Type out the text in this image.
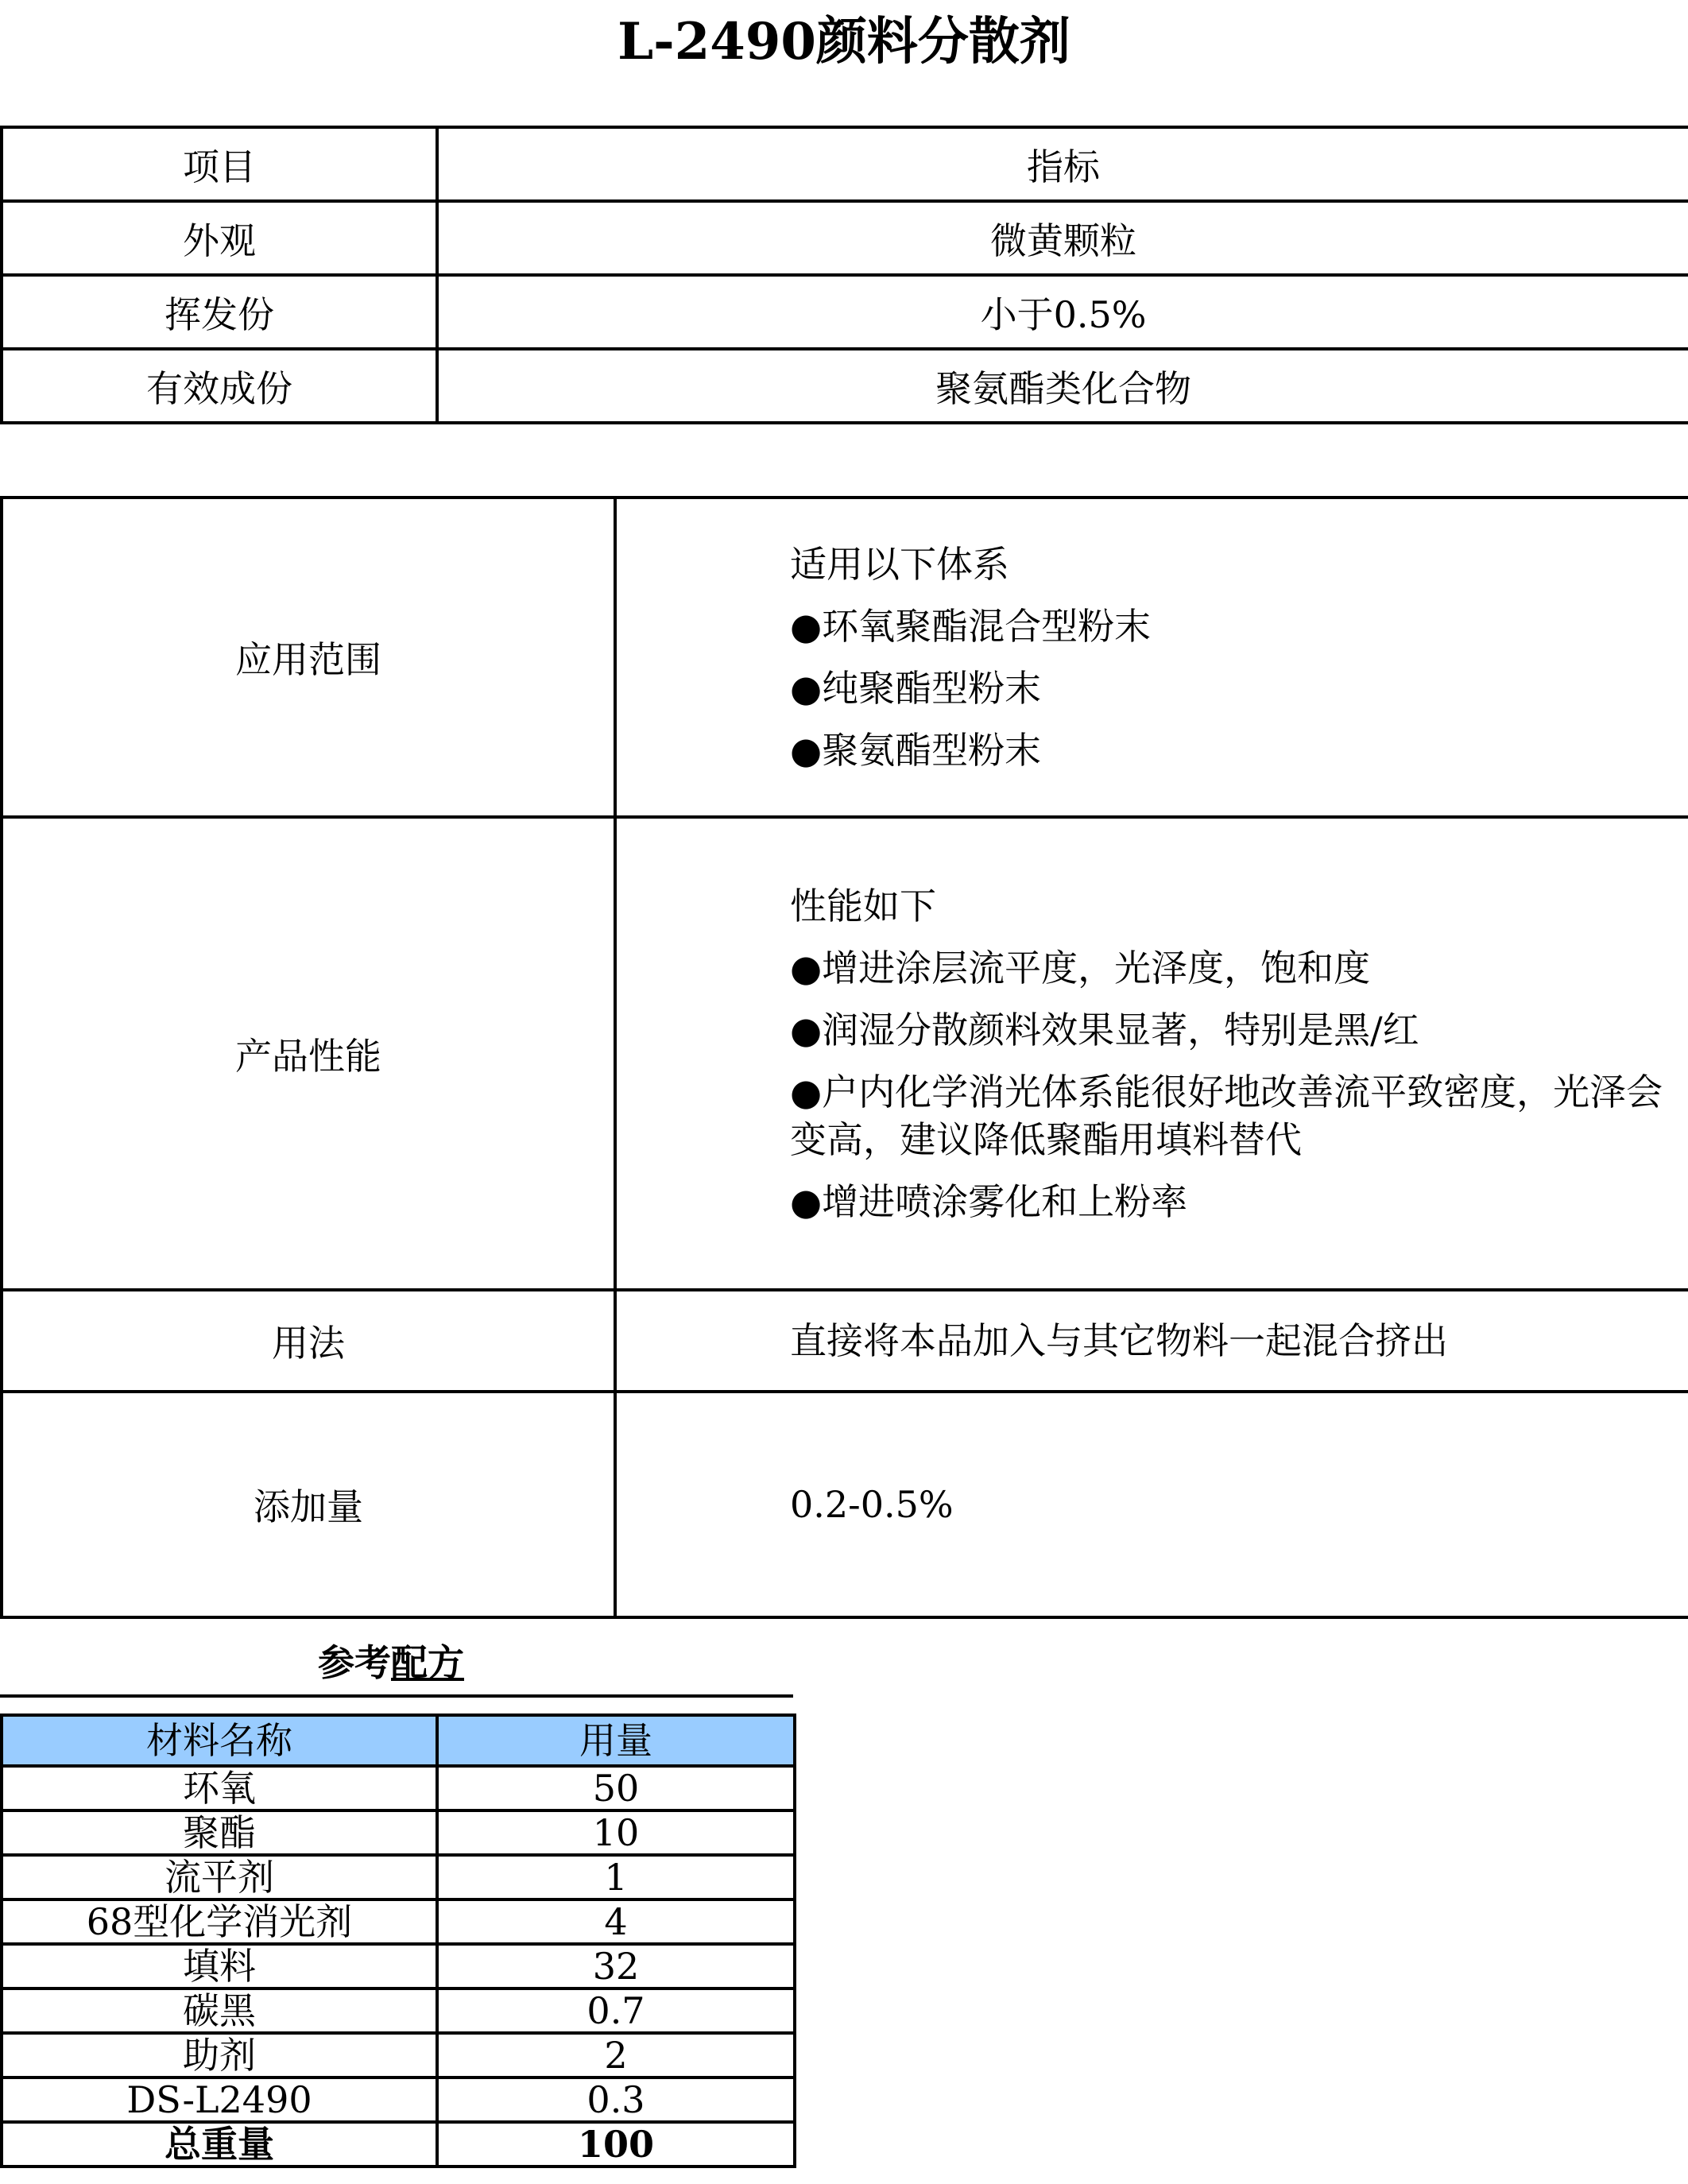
L-2490颜料分散剂
项目	指标
外观	微黄颗粒
挥发份	小于0.5%
有效成份	聚氨酯类化合物
应用范围	适用以下体系
●环氧聚酯混合型粉末
●纯聚酯型粉末
●聚氨酯型粉末

产品性能	性能如下
●增进涂层流平度，光泽度，饱和度
●润湿分散颜料效果显著，特别是黑/红
●户内化学消光体系能很好地改善流平致密度，光泽会变高，建议降低聚酯用填料替代
●增进喷涂雾化和上粉率

用法	直接将本品加入与其它物料一起混合挤出

添加量	0.2-0.5%
参考配方
材料名称	用量
环氧	50
聚酯	10
流平剂	1
68型化学消光剂	4
填料	32
碳黑	0.7
助剂	2
DS-L2490	0.3
总重量	100
